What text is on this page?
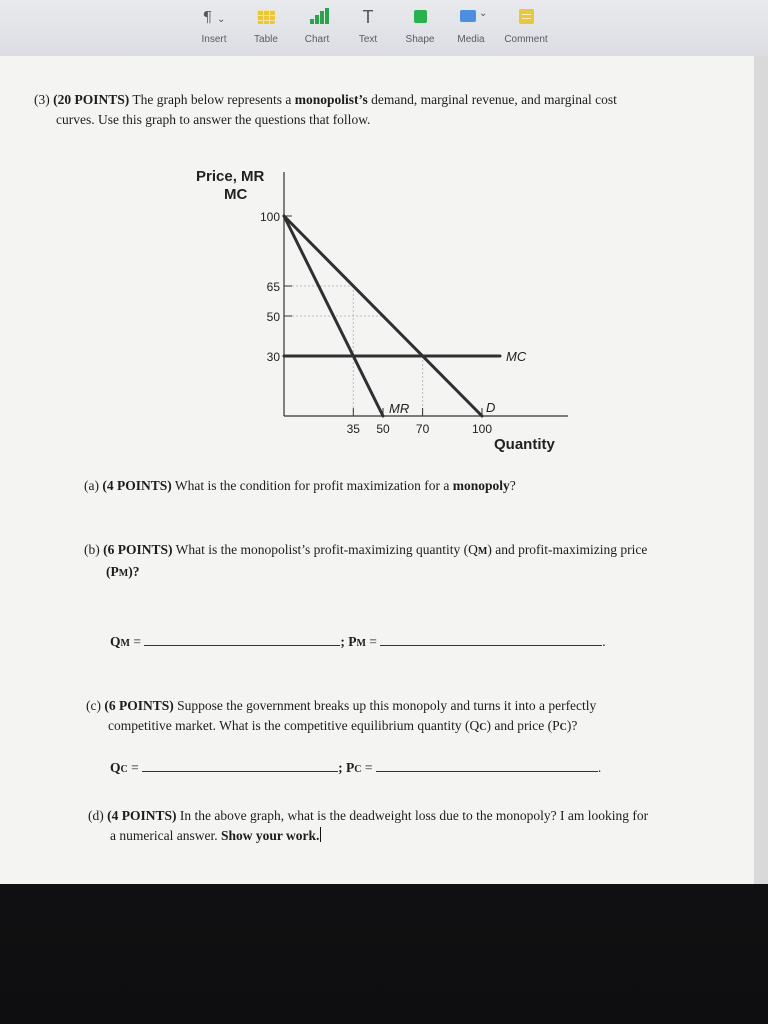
¶ ⌄
Insert	Table	Chart
T
Text	Shape
⌄
Media	Comment
(3) (20 POINTS) The graph below represents a monopolist’s demand, marginal revenue, and marginal cost
curves. Use this graph to answer the questions that follow.
100
65
50
30
35 50 70	100
MC
MR	D
Price, MR
MC
Quantity
(a) (4 POINTS) What is the condition for profit maximization for a monopoly?
(b) (6 POINTS) What is the monopolist’s profit-maximizing quantity (QM) and profit-maximizing price
(PM)?
QM =	; PM =	.
(c) (6 POINTS) Suppose the government breaks up this monopoly and turns it into a perfectly
competitive market. What is the competitive equilibrium quantity (QC) and price (PC)?
QC =	; PC =	.
(d) (4 POINTS) In the above graph, what is the deadweight loss due to the monopoly? I am looking for
a numerical answer. Show your work.
